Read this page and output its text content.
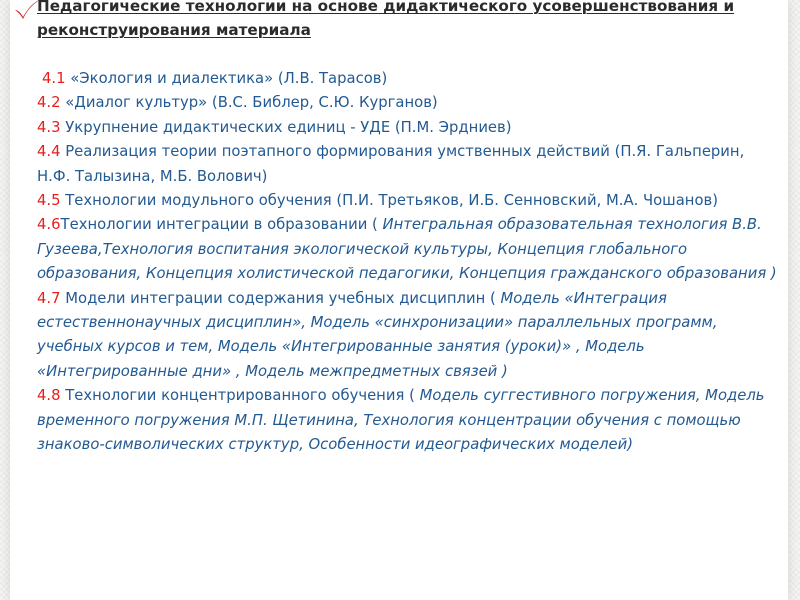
Педагогические технологии на основе дидактического усовершенствования и реконструирования материала

4.1 «Экология и диалектика» (Л.В. Тарасов)

4.2 «Диалог культур» (В.С. Библер, С.Ю. Курганов)

4.3 Укрупнение дидактических единиц - УДЕ (П.М. Эрдниев)

4.4 Реализация теории поэтапного формирования умственных действий (П.Я. Гальперин, Н.Ф. Талызина, М.Б. Волович)

4.5 Технологии модульного обучения (П.И. Третьяков, И.Б. Сенновский, М.А. Чошанов)

4.6Технологии интеграции в образовании ( Интегральная образовательная технология В.В. Гузеева,Технология воспитания экологической культуры, Концепция глобального образования, Концепция холистической педагогики, Концепция гражданского образования )

4.7 Модели интеграции содержания учебных дисциплин ( Модель «Интеграция естественнонаучных дисциплин», Модель «синхронизации» параллельных программ, учебных курсов и тем, Модель «Интегрированные занятия (уроки)» , Модель «Интегрированные дни» , Модель межпредметных связей )

4.8 Технологии концентрированного обучения ( Модель суггестивного погружения, Модель временного погружения М.П. Щетинина, Технология концентрации обучения с помощью знаково-символических структур, Особенности идеографических моделей)
